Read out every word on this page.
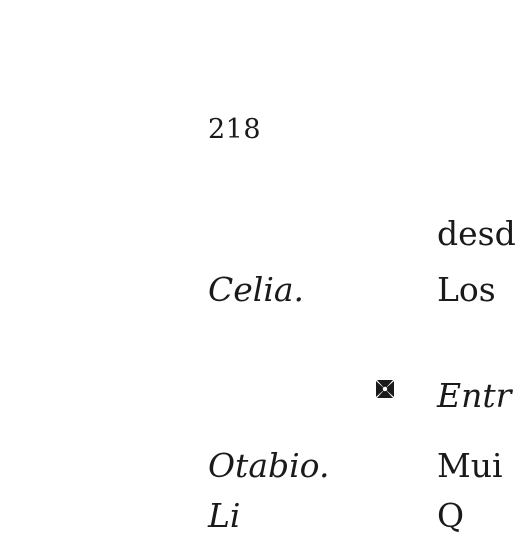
218
desd
Celia.	Los
Entr
Otabio.	Mui
Li	Q
